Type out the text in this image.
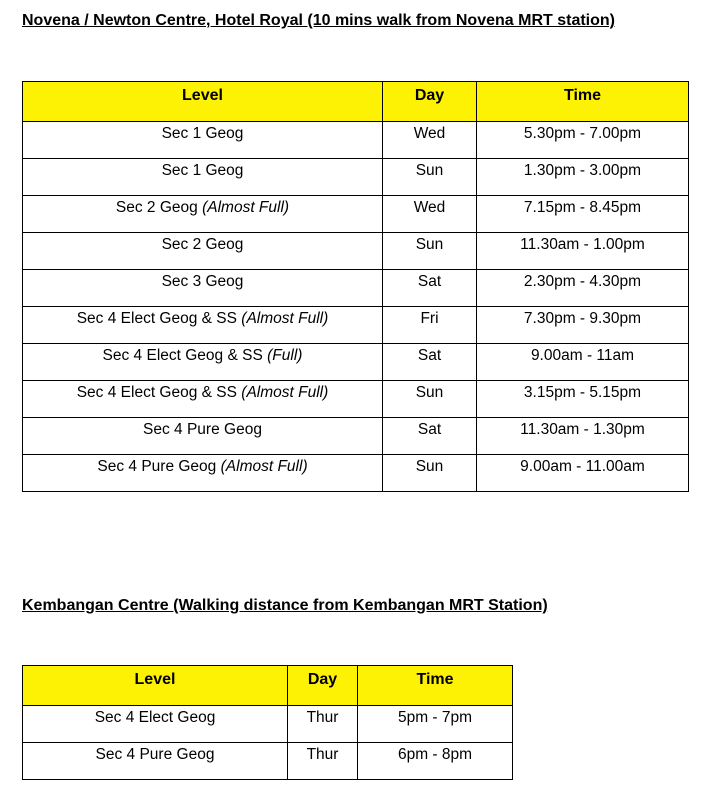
Novena / Newton Centre, Hotel Royal (10 mins walk from Novena MRT station)
Level	Day	Time
Sec 1 Geog	Wed	5.30pm - 7.00pm
Sec 1 Geog	Sun	1.30pm - 3.00pm
Sec 2 Geog (Almost Full)	Wed	7.15pm - 8.45pm
Sec 2 Geog	Sun	11.30am - 1.00pm
Sec 3 Geog	Sat	2.30pm - 4.30pm
Sec 4 Elect Geog & SS (Almost Full)	Fri	7.30pm - 9.30pm
Sec 4 Elect Geog & SS (Full)	Sat	9.00am - 11am
Sec 4 Elect Geog & SS (Almost Full)	Sun	3.15pm - 5.15pm
Sec 4 Pure Geog	Sat	11.30am - 1.30pm
Sec 4 Pure Geog (Almost Full)	Sun	9.00am - 11.00am
Kembangan Centre (Walking distance from Kembangan MRT Station)
Level	Day	Time
Sec 4 Elect Geog	Thur	5pm - 7pm
Sec 4 Pure Geog	Thur	6pm - 8pm
